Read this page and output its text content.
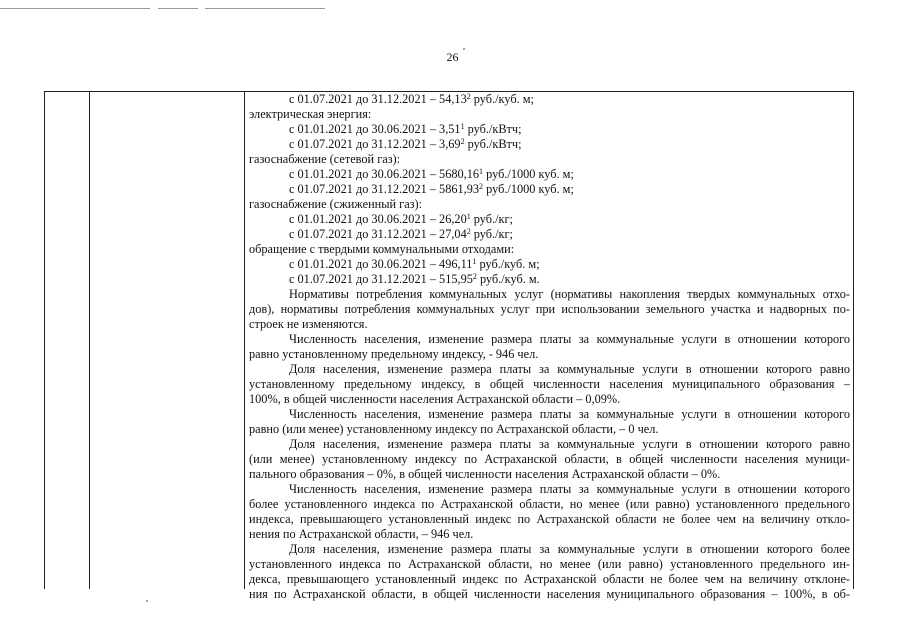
26
с 01.07.2021 до 31.12.2021 – 54,13$^2$ руб./куб. м;
электрическая энергия:
с 01.01.2021 до 30.06.2021 – 3,51$^1$ руб./кВтч;
с 01.07.2021 до 31.12.2021 – 3,69$^2$ руб./кВтч;
газоснабжение (сетевой газ):
с 01.01.2021 до 30.06.2021 – 5680,16$^1$ руб./1000 куб. м;
с 01.07.2021 до 31.12.2021 – 5861,93$^2$ руб./1000 куб. м;
газоснабжение (сжиженный газ):
с 01.01.2021 до 30.06.2021 – 26,20$^1$ руб./кг;
с 01.07.2021 до 31.12.2021 – 27,04$^2$ руб./кг;
обращение с твердыми коммунальными отходами:
с 01.01.2021 до 30.06.2021 – 496,11$^1$ руб./куб. м;
с 01.07.2021 до 31.12.2021 – 515,95$^2$ руб./куб. м.
Нормативы потребления коммунальных услуг (нормативы накопления твердых коммунальных отхо-
дов), нормативы потребления коммунальных услуг при использовании земельного участка и надворных по-
строек не изменяются.
Численность населения, изменение размера платы за коммунальные услуги в отношении которого
равно установленному предельному индексу, - 946 чел.
Доля населения, изменение размера платы за коммунальные услуги в отношении которого равно
установленному предельному индексу, в общей численности населения муниципального образования –
100%, в общей численности населения Астраханской области – 0,09%.
Численность населения, изменение размера платы за коммунальные услуги в отношении которого
равно (или менее) установленному индексу по Астраханской области, – 0 чел.
Доля населения, изменение размера платы за коммунальные услуги в отношении которого равно
(или менее) установленному индексу по Астраханской области, в общей численности населения муници-
пального образования – 0%, в общей численности населения Астраханской области – 0%.
Численность населения, изменение размера платы за коммунальные услуги в отношении которого
более установленного индекса по Астраханской области, но менее (или равно) установленного предельного
индекса, превышающего установленный индекс по Астраханской области не более чем на величину откло-
нения по Астраханской области, – 946 чел.
Доля населения, изменение размера платы за коммунальные услуги в отношении которого более
установленного индекса по Астраханской области, но менее (или равно) установленного предельного ин-
декса, превышающего установленный индекс по Астраханской области не более чем на величину отклоне-
ния по Астраханской области, в общей численности населения муниципального образования – 100%, в об-
